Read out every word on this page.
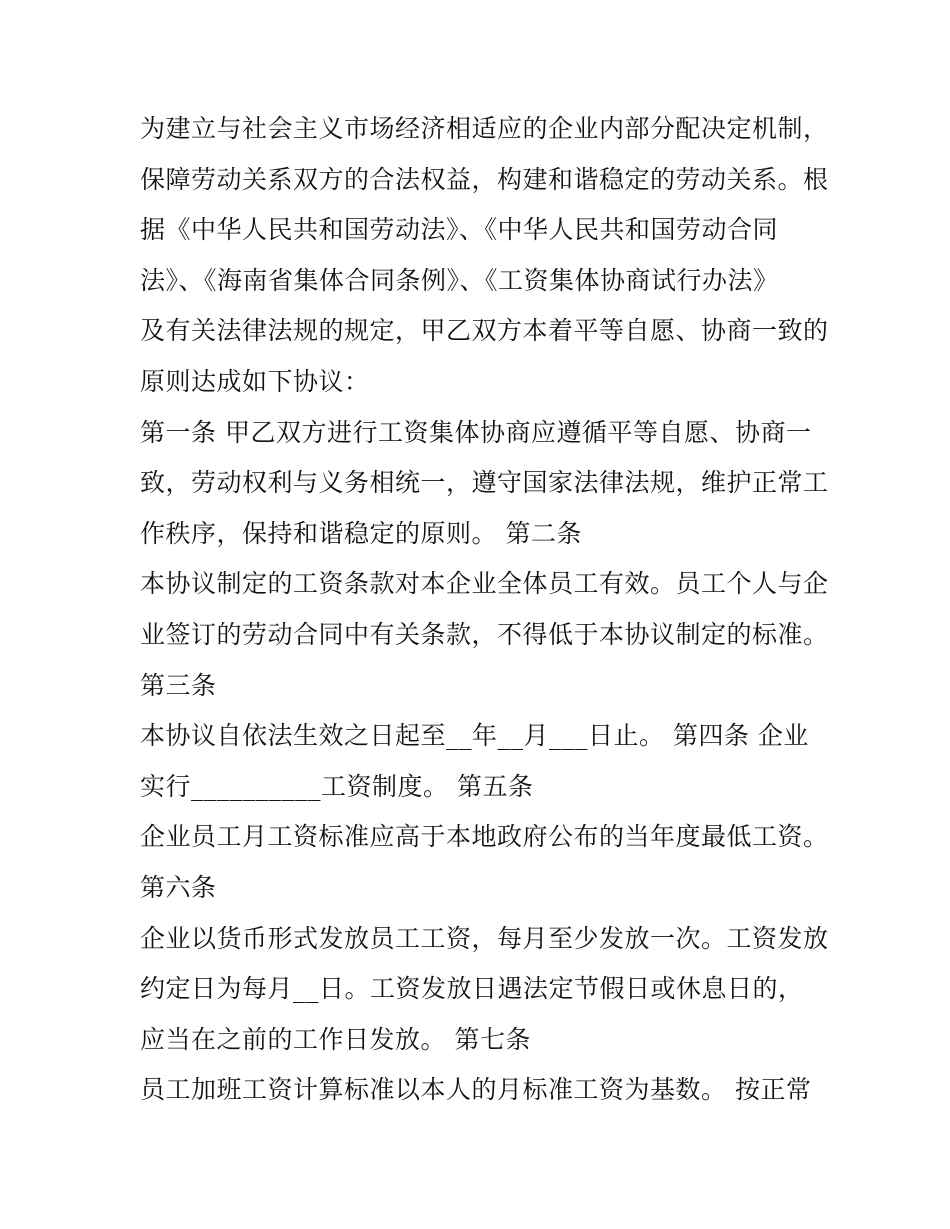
为建立与社会主义市场经济相适应的企业内部分配决定机制，
保障劳动关系双方的合法权益，构建和谐稳定的劳动关系。根
据《中华人民共和国劳动法》、《中华人民共和国劳动合同
法》、《海南省集体合同条例》、《工资集体协商试行办法》
及有关法律法规的规定，甲乙双方本着平等自愿、协商一致的
原则达成如下协议：
第一条 甲乙双方进行工资集体协商应遵循平等自愿、协商一
致，劳动权利与义务相统一，遵守国家法律法规，维护正常工
作秩序，保持和谐稳定的原则。 第二条
本协议制定的工资条款对本企业全体员工有效。员工个人与企
业签订的劳动合同中有关条款，不得低于本协议制定的标准。
第三条
本协议自依法生效之日起至__年__月___日止。 第四条 企业
实行__________工资制度。 第五条
企业员工月工资标准应高于本地政府公布的当年度最低工资。
第六条
企业以货币形式发放员工工资，每月至少发放一次。工资发放
约定日为每月__日。工资发放日遇法定节假日或休息日的，
应当在之前的工作日发放。 第七条
员工加班工资计算标准以本人的月标准工资为基数。 按正常
